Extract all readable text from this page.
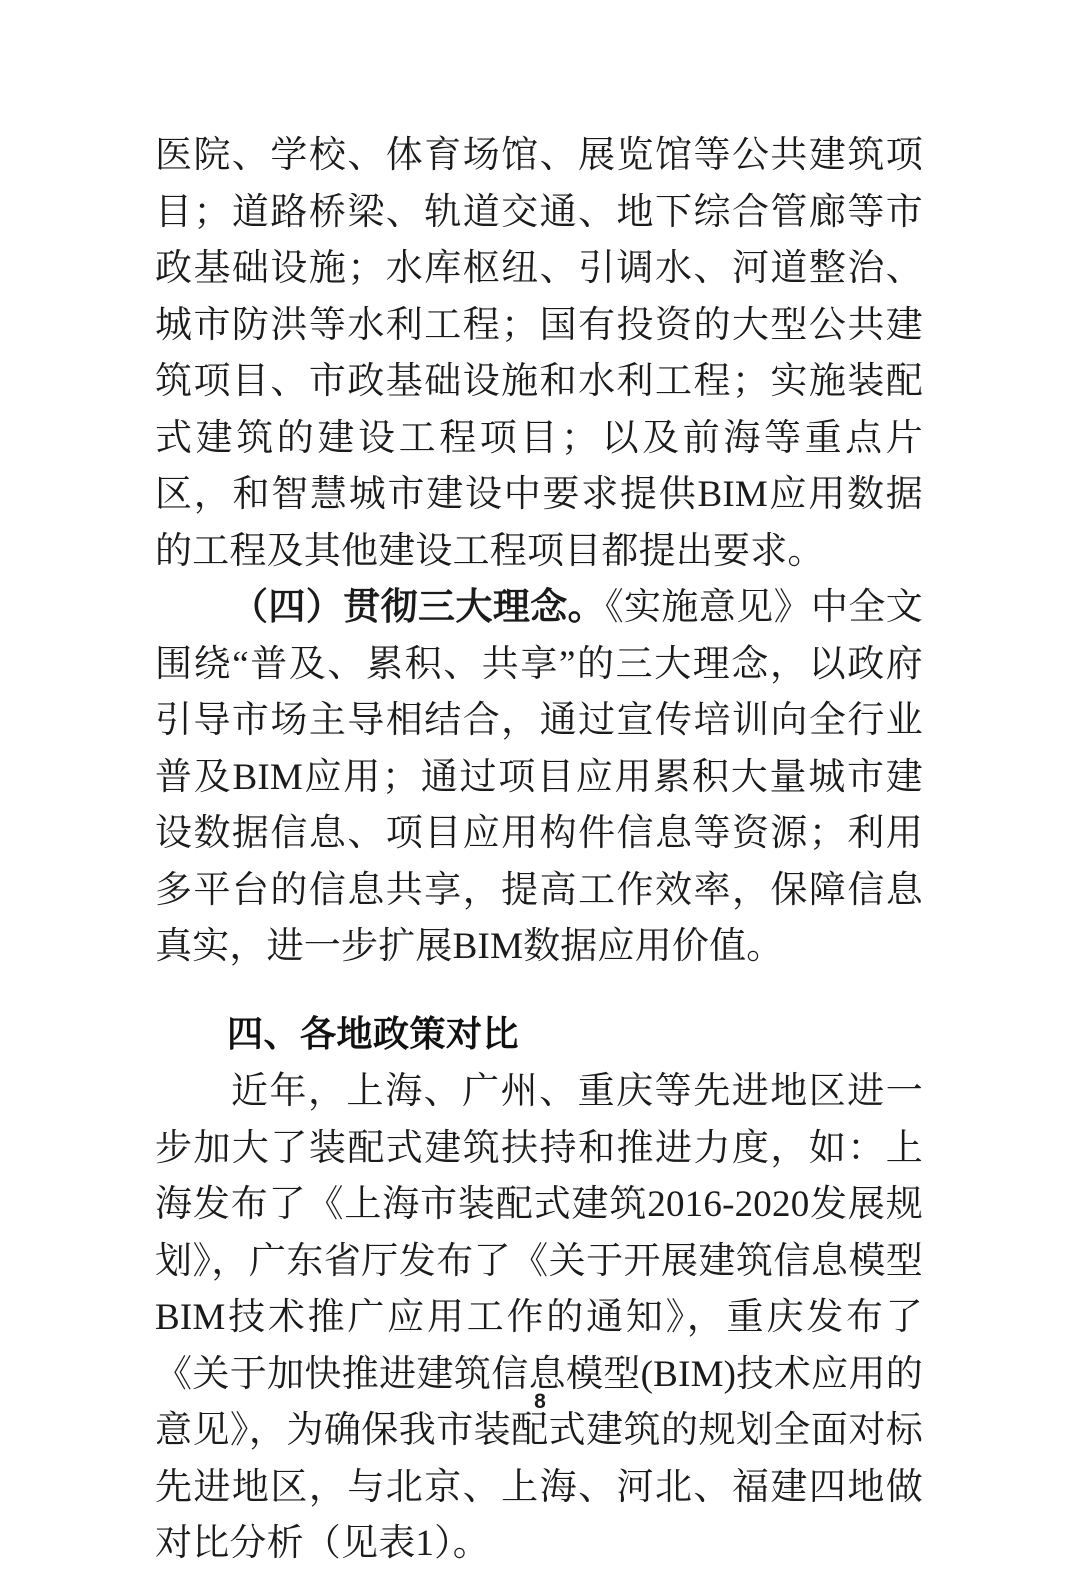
医院、学校、体育场馆、展览馆等公共建筑项目；道路桥梁、轨道交通、地下综合管廊等市政基础设施；水库枢纽、引调水、河道整治、城市防洪等水利工程；国有投资的大型公共建筑项目、市政基础设施和水利工程；实施装配式建筑的建设工程项目；以及前海等重点片区，和智慧城市建设中要求提供BIM应用数据的工程及其他建设工程项目都提出要求。

（四）贯彻三大理念。《实施意见》中全文围绕“普及、累积、共享”的三大理念，以政府引导市场主导相结合，通过宣传培训向全行业普及BIM应用；通过项目应用累积大量城市建设数据信息、项目应用构件信息等资源；利用多平台的信息共享，提高工作效率，保障信息真实，进一步扩展BIM数据应用价值。

四、各地政策对比

近年，上海、广州、重庆等先进地区进一步加大了装配式建筑扶持和推进力度，如：上海发布了《上海市装配式建筑2016-2020发展规划》，广东省厅发布了《关于开展建筑信息模型BIM技术推广应用工作的通知》，重庆发布了《关于加快推进建筑信息模型(BIM)技术应用的意见》，为确保我市装配式建筑的规划全面对标先进地区，与北京、上海、河北、福建四地做对比分析（见表1）。

8
